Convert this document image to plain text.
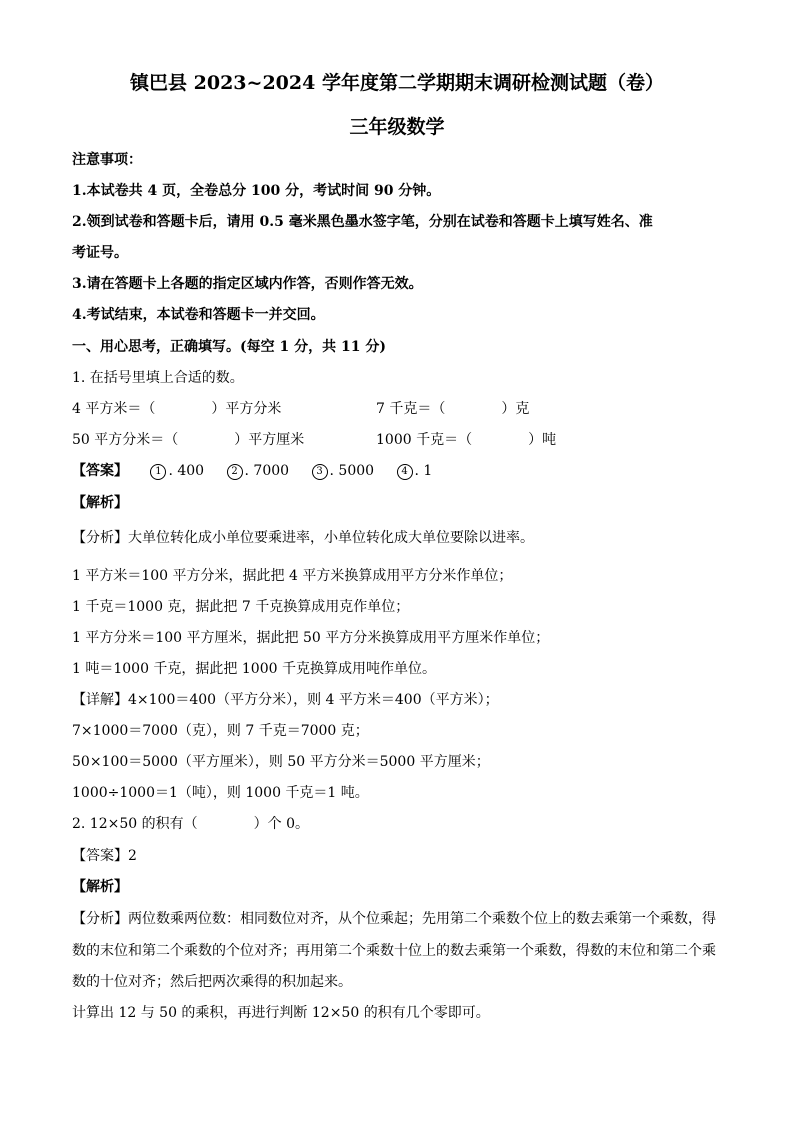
镇巴县 2023~2024 学年度第二学期期末调研检测试题（卷）
三年级数学
注意事项：
1.本试卷共 4 页，全卷总分 100 分，考试时间 90 分钟。
2.领到试卷和答题卡后，请用 0.5 毫米黑色墨水签字笔，分别在试卷和答题卡上填写姓名、准
考证号。
3.请在答题卡上各题的指定区域内作答，否则作答无效。
4.考试结束，本试卷和答题卡一并交回。
一、用心思考，正确填写。(每空 1 分，共 11 分)
1. 在括号里填上合适的数。
4 平方米＝（　　　　）平方分米	7 千克＝（　　　　）克
50 平方分米＝（　　　　）平方厘米	1000 千克＝（　　　　）吨
【答案】	1 . 400	2 . 7000	3 . 5000	4 . 1
【解析】
【分析】大单位转化成小单位要乘进率，小单位转化成大单位要除以进率。
1 平方米＝100 平方分米，据此把 4 平方米换算成用平方分米作单位；
1 千克＝1000 克，据此把 7 千克换算成用克作单位；
1 平方分米＝100 平方厘米，据此把 50 平方分米换算成用平方厘米作单位；
1 吨＝1000 千克，据此把 1000 千克换算成用吨作单位。
【详解】4×100＝400（平方分米），则 4 平方米＝400（平方米）；
7×1000＝7000（克），则 7 千克＝7000 克；
50×100＝5000（平方厘米），则 50 平方分米＝5000 平方厘米；
1000÷1000＝1（吨），则 1000 千克＝1 吨。
2. 12×50 的积有（　　　　）个 0。
【答案】2
【解析】
【分析】两位数乘两位数：相同数位对齐，从个位乘起；先用第二个乘数个位上的数去乘第一个乘数，得
数的末位和第二个乘数的个位对齐；再用第二个乘数十位上的数去乘第一个乘数，得数的末位和第二个乘
数的十位对齐；然后把两次乘得的积加起来。
计算出 12 与 50 的乘积，再进行判断 12×50 的积有几个零即可。
